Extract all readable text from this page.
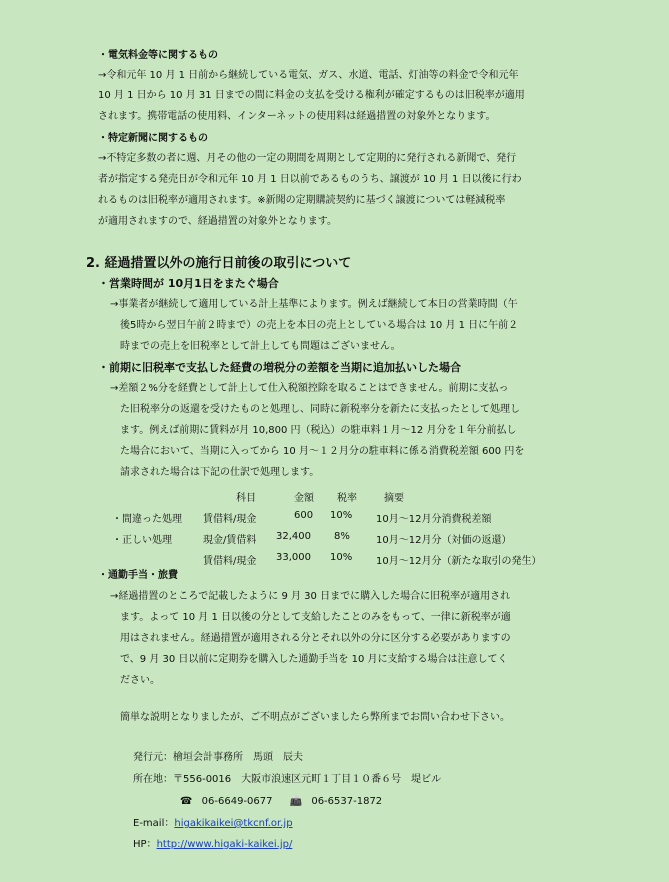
・電気料金等に関するもの
→令和元年 10 月 1 日前から継続している電気、ガス、水道、電話、灯油等の料金で令和元年
10 月 1 日から 10 月 31 日までの間に料金の支払を受ける権利が確定するものは旧税率が適用
されます。携帯電話の使用料、インターネットの使用料は経過措置の対象外となります。
・特定新聞に関するもの
→不特定多数の者に週、月その他の一定の期間を周期として定期的に発行される新聞で、発行
者が指定する発売日が令和元年 10 月 1 日以前であるものうち、譲渡が 10 月 1 日以後に行わ
れるものは旧税率が適用されます。※新聞の定期購読契約に基づく譲渡については軽減税率
が適用されますので、経過措置の対象外となります。
2. 経過措置以外の施行日前後の取引について
・営業時間が 10月1日をまたぐ場合
→事業者が継続して適用している計上基準によります。例えば継続して本日の営業時間（午
後5時から翌日午前２時まで）の売上を本日の売上としている場合は 10 月 1 日に午前２
時までの売上を旧税率として計上しても問題はございません。
・前期に旧税率で支払した経費の増税分の差額を当期に追加払いした場合
→差額２%分を経費として計上して仕入税額控除を取ることはできません。前期に支払っ
た旧税率分の返還を受けたものと処理し、同時に新税率分を新たに支払ったとして処理し
ます。例えば前期に賃料が月 10,800 円（税込）の駐車料１月～12 月分を１年分前払し
た場合において、当期に入ってから 10 月～１２月分の駐車料に係る消費税差額 600 円を
請求された場合は下記の仕訳で処理します。
科目	金額 税率	摘要
・間違った処理 賃借料/現金	600 10% 10月～12月分消費税差額
・正しい処理	現金/賃借料 32,400 8%	10月～12月分（対価の返還）
賃借料/現金 33,000 10% 10月～12月分（新たな取引の発生）
・通勤手当・旅費
→経過措置のところで記載したように 9 月 30 日までに購入した場合に旧税率が適用され
ます。よって 10 月 1 日以後の分として支給したことのみをもって、一律に新税率が適
用はされません。経過措置が適用される分とそれ以外の分に区分する必要がありますの
で、9 月 30 日以前に定期券を購入した通勤手当を 10 月に支給する場合は注意してく
ださい。
簡単な説明となりましたが、ご不明点がございましたら弊所までお問い合わせ下さい。
発行元：檜垣会計事務所　馬頭　辰夫
所在地：〒556-0016　大阪市浪速区元町１丁目１０番６号　堤ビル
☎ 06-6649-0677 📠 06-6537-1872
E-mail：higakikaikei@tkcnf.or.jp
HP：http://www.higaki-kaikei.jp/
